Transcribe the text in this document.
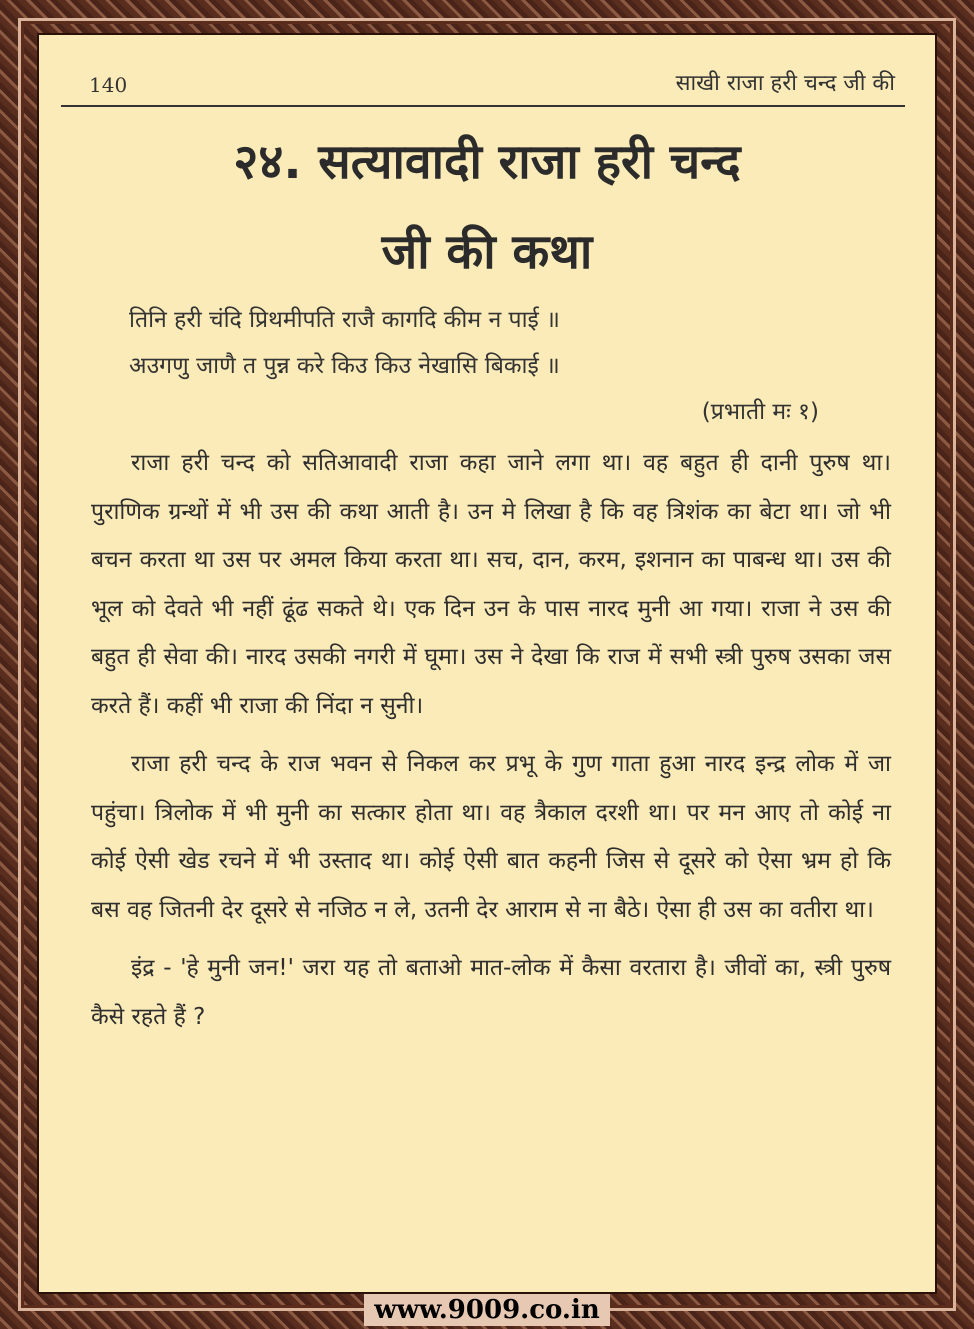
140	साखी राजा हरी चन्द जी की
२४. सत्यावादी राजा हरी चन्द
जी की कथा
तिनि हरी चंदि प्रिथमीपति राजै कागदि कीम न पाई ॥
अउगणु जाणै त पुन्न करे किउ किउ नेखासि बिकाई ॥
(प्रभाती मः १)

राजा हरी चन्द को सतिआवादी राजा कहा जाने लगा था। वह बहुत ही दानी पुरुष था। पुराणिक ग्रन्थों में भी उस की कथा आती है। उन मे लिखा है कि वह त्रिशंक का बेटा था। जो भी बचन करता था उस पर अमल किया करता था। सच, दान, करम, इशनान का पाबन्ध था। उस की भूल को देवते भी नहीं ढूंढ सकते थे। एक दिन उन के पास नारद मुनी आ गया। राजा ने उस की बहुत ही सेवा की। नारद उसकी नगरी में घूमा। उस ने देखा कि राज में सभी स्त्री पुरुष उसका जस करते हैं। कहीं भी राजा की निंदा न सुनी।

राजा हरी चन्द के राज भवन से निकल कर प्रभू के गुण गाता हुआ नारद इन्द्र लोक में जा पहुंचा। त्रिलोक में भी मुनी का सत्कार होता था। वह त्रैकाल दरशी था। पर मन आए तो कोई ना कोई ऐसी खेड रचने में भी उस्ताद था। कोई ऐसी बात कहनी जिस से दूसरे को ऐसा भ्रम हो कि बस वह जितनी देर दूसरे से नजिठ न ले, उतनी देर आराम से ना बैठे। ऐसा ही उस का वतीरा था।

इंद्र - 'हे मुनी जन!' जरा यह तो बताओ मात-लोक में कैसा वरतारा है। जीवों का, स्त्री पुरुष कैसे रहते हैं ?

www.9009.co.in
